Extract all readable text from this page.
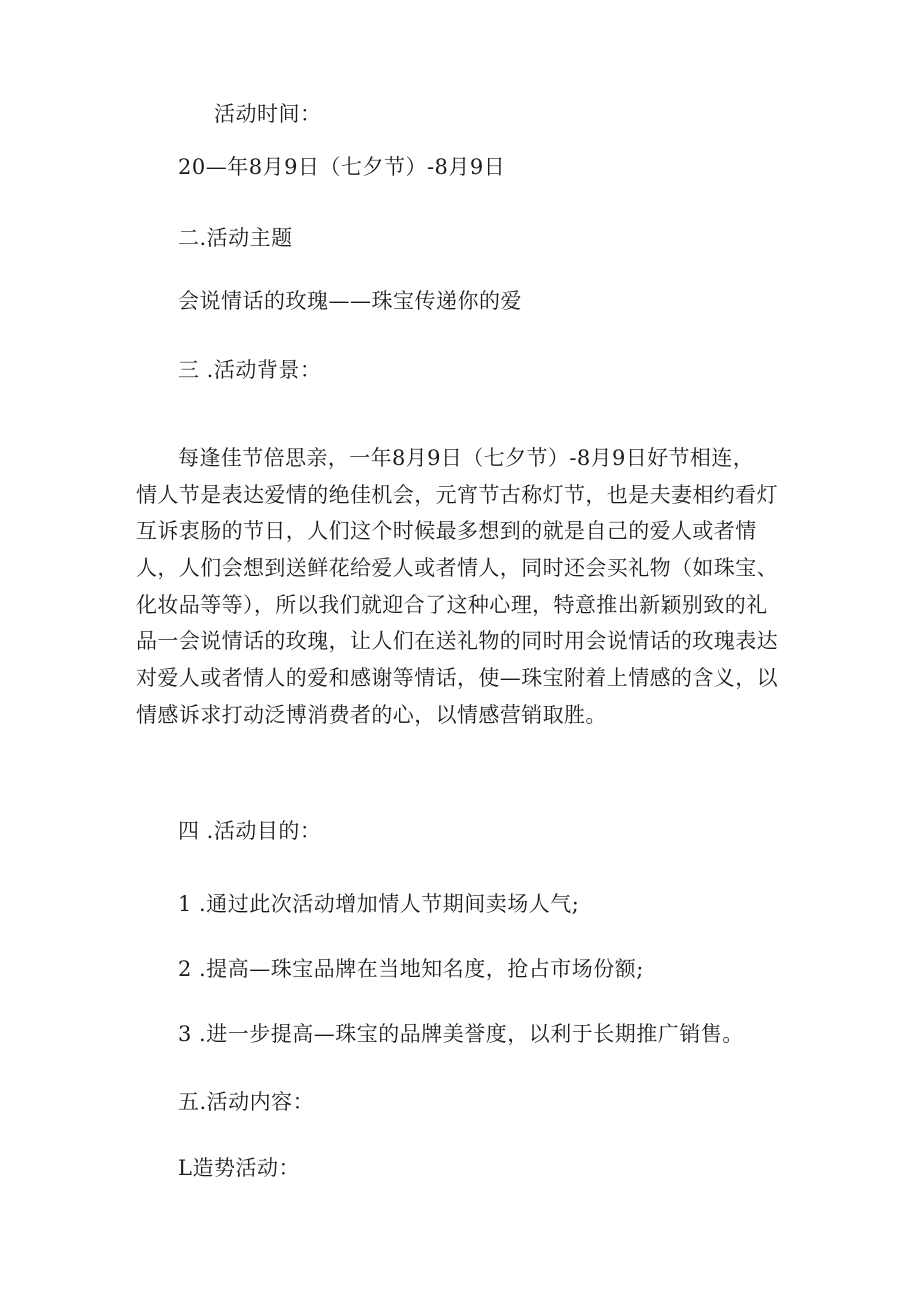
活动时间：
20—年8月9日（七夕节）-8月9日
二.活动主题
会说情话的玫瑰——珠宝传递你的爱
三 .活动背景：
每逢佳节倍思亲，一年8月9日（七夕节）-8月9日好节相连，
情人节是表达爱情的绝佳机会，元宵节古称灯节，也是夫妻相约看灯
互诉衷肠的节日，人们这个时候最多想到的就是自己的爱人或者情
人，人们会想到送鲜花给爱人或者情人，同时还会买礼物（如珠宝、
化妆品等等），所以我们就迎合了这种心理，特意推出新颖别致的礼
品一会说情话的玫瑰，让人们在送礼物的同时用会说情话的玫瑰表达
对爱人或者情人的爱和感谢等情话，使—珠宝附着上情感的含义，以
情感诉求打动泛博消费者的心，以情感营销取胜。
四 .活动目的：
1 .通过此次活动增加情人节期间卖场人气;
2 .提高—珠宝品牌在当地知名度，抢占市场份额;
3 .进一步提高—珠宝的品牌美誉度，以利于长期推广销售。
五.活动内容：
L造势活动：
